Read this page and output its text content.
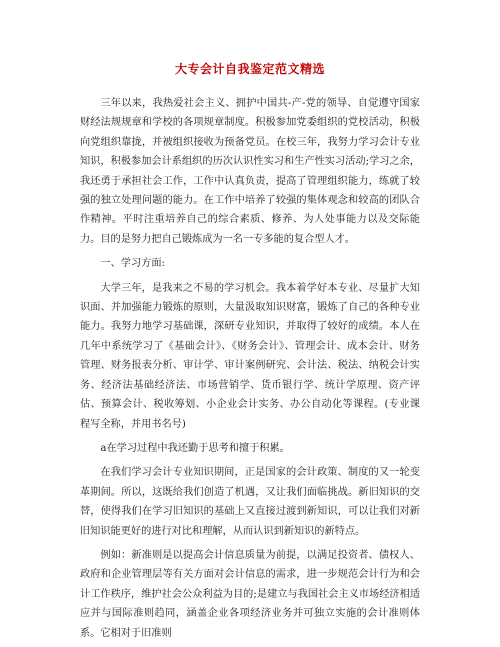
大专会计自我鉴定范文精选

三年以来，我热爱社会主义、拥护中国共-产-党的领导、自觉遵守国家财经法规规章和学校的各项规章制度。积极参加党委组织的党校活动，积极向党组织靠拢，并被组织接收为预备党员。在校三年，我努力学习会计专业知识，积极参加会计系组织的历次认识性实习和生产性实习活动;学习之余，我还勇于承担社会工作，工作中认真负责，提高了管理组织能力，练就了较强的独立处理问题的能力。在工作中培养了较强的集体观念和较高的团队合作精神。平时注重培养自己的综合素质、修养、为人处事能力以及交际能力。目的是努力把自己锻炼成为一名一专多能的复合型人才。

一、学习方面:

大学三年，是我来之不易的学习机会。我本着学好本专业、尽量扩大知识面、并加强能力锻炼的原则，大量汲取知识财富，锻炼了自己的各种专业能力。我努力地学习基础课，深研专业知识，并取得了较好的成绩。本人在几年中系统学习了《基础会计》、《财务会计》、管理会计、成本会计、财务管理、财务报表分析、审计学、审计案例研究、会计法、税法、纳税会计实务、经济法基础经济法、市场营销学、货币银行学、统计学原理、资产评估、预算会计、税收筹划、小企业会计实务、办公自动化等课程。(专业课程写全称，并用书名号)

a在学习过程中我还勤于思考和擅于积累。

在我们学习会计专业知识期间，正是国家的会计政策、制度的又一轮变革期间。所以，这既给我们创造了机遇，又让我们面临挑战。新旧知识的交替，使得我们在学习旧知识的基础上又直接过渡到新知识，可以让我们对新旧知识能更好的进行对比和理解，从而认识到新知识的新特点。

例如：新准则是以提高会计信息质量为前提，以满足投资者、债权人、政府和企业管理层等有关方面对会计信息的需求，进一步规范会计行为和会计工作秩序，维护社会公众利益为目的;是建立与我国社会主义市场经济相适应并与国际准则趋同，涵盖企业各项经济业务并可独立实施的会计准则体系。它相对于旧准则
